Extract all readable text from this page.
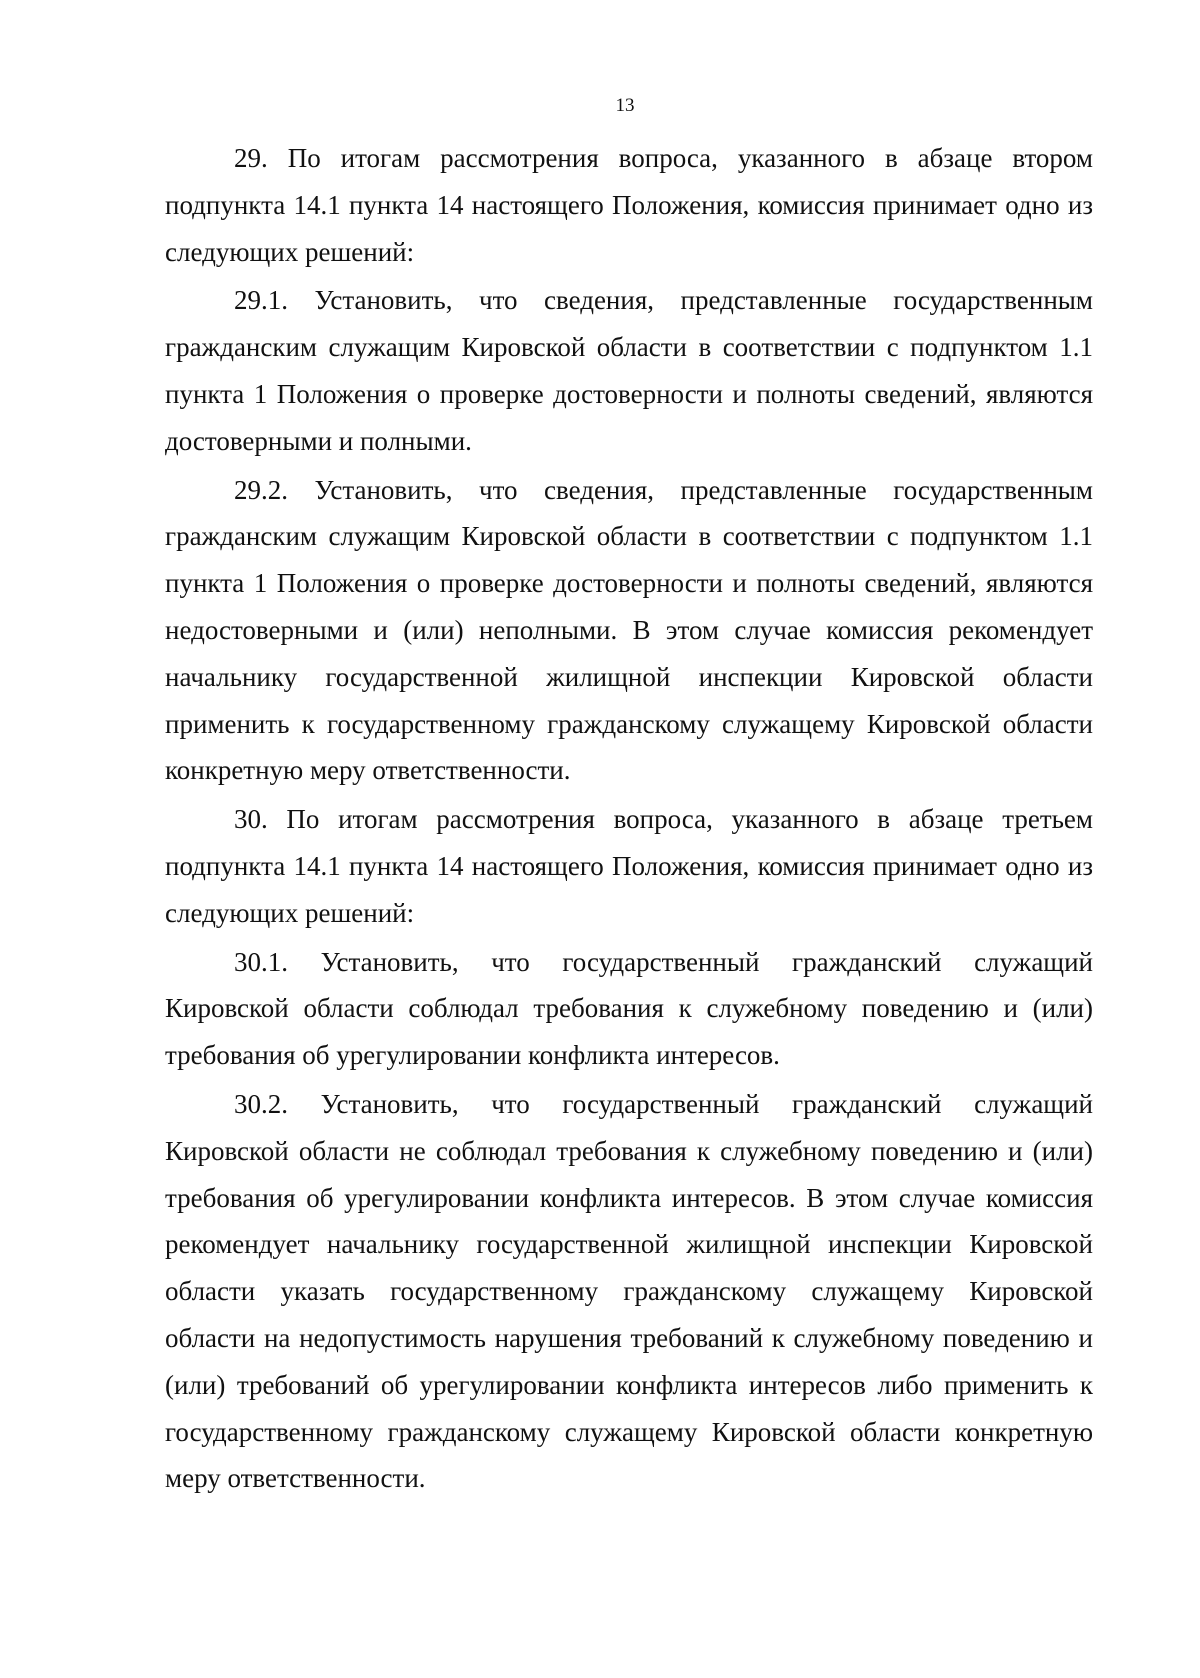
13

29. По итогам рассмотрения вопроса, указанного в абзаце втором подпункта 14.1 пункта 14 настоящего Положения, комиссия принимает одно из следующих решений:

29.1. Установить, что сведения, представленные государственным гражданским служащим Кировской области в соответствии с подпунктом 1.1 пункта 1 Положения о проверке достоверности и полноты сведений, являются достоверными и полными.

29.2. Установить, что сведения, представленные государственным гражданским служащим Кировской области в соответствии с подпунктом 1.1 пункта 1 Положения о проверке достоверности и полноты сведений, являются недостоверными и (или) неполными. В этом случае комиссия рекомендует начальнику государственной жилищной инспекции Кировской области применить к государственному гражданскому служащему Кировской области конкретную меру ответственности.

30. По итогам рассмотрения вопроса, указанного в абзаце третьем подпункта 14.1 пункта 14 настоящего Положения, комиссия принимает одно из следующих решений:

30.1. Установить, что государственный гражданский служащий Кировской области соблюдал требования к служебному поведению и (или) требования об урегулировании конфликта интересов.

30.2. Установить, что государственный гражданский служащий Кировской области не соблюдал требования к служебному поведению и (или) требования об урегулировании конфликта интересов. В этом случае комиссия рекомендует начальнику государственной жилищной инспекции Кировской области указать государственному гражданскому служащему Кировской области на недопустимость нарушения требований к служебному поведению и (или) требований об урегулировании конфликта интересов либо применить к государственному гражданскому служащему Кировской области конкретную меру ответственности.
